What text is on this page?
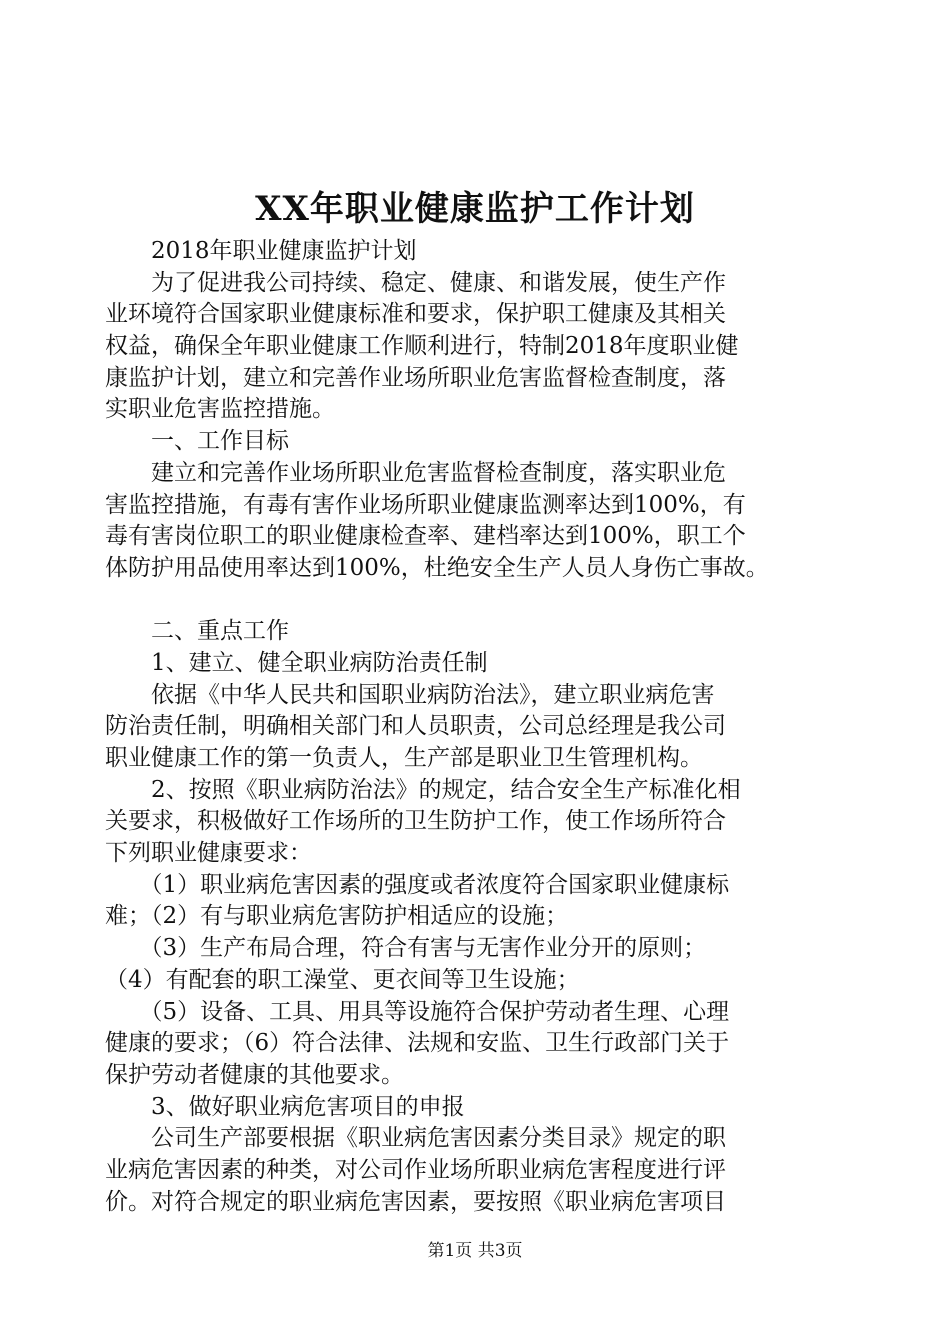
XX年职业健康监护工作计划
　　2018年职业健康监护计划
　　为了促进我公司持续、稳定、健康、和谐发展，使生产作
业环境符合国家职业健康标准和要求，保护职工健康及其相关
权益，确保全年职业健康工作顺利进行，特制2018年度职业健
康监护计划，建立和完善作业场所职业危害监督检查制度，落
实职业危害监控措施。
　　一、工作目标
　　建立和完善作业场所职业危害监督检查制度，落实职业危
害监控措施，有毒有害作业场所职业健康监测率达到100%，有
毒有害岗位职工的职业健康检查率、建档率达到100%，职工个
体防护用品使用率达到100%，杜绝安全生产人员人身伤亡事故。
　　二、重点工作
　　1、建立、健全职业病防治责任制
　　依据《中华人民共和国职业病防治法》，建立职业病危害
防治责任制，明确相关部门和人员职责，公司总经理是我公司
职业健康工作的第一负责人，生产部是职业卫生管理机构。
　　2、按照《职业病防治法》的规定，结合安全生产标准化相
关要求，积极做好工作场所的卫生防护工作，使工作场所符合
下列职业健康要求：
　　（1）职业病危害因素的强度或者浓度符合国家职业健康标
难；（2）有与职业病危害防护相适应的设施；
　　（3）生产布局合理，符合有害与无害作业分开的原则；
（4）有配套的职工澡堂、更衣间等卫生设施；
　　（5）设备、工具、用具等设施符合保护劳动者生理、心理
健康的要求；（6）符合法律、法规和安监、卫生行政部门关于
保护劳动者健康的其他要求。
　　3、做好职业病危害项目的申报
　　公司生产部要根据《职业病危害因素分类目录》规定的职
业病危害因素的种类，对公司作业场所职业病危害程度进行评
价。对符合规定的职业病危害因素，要按照《职业病危害项目
第1页 共3页
